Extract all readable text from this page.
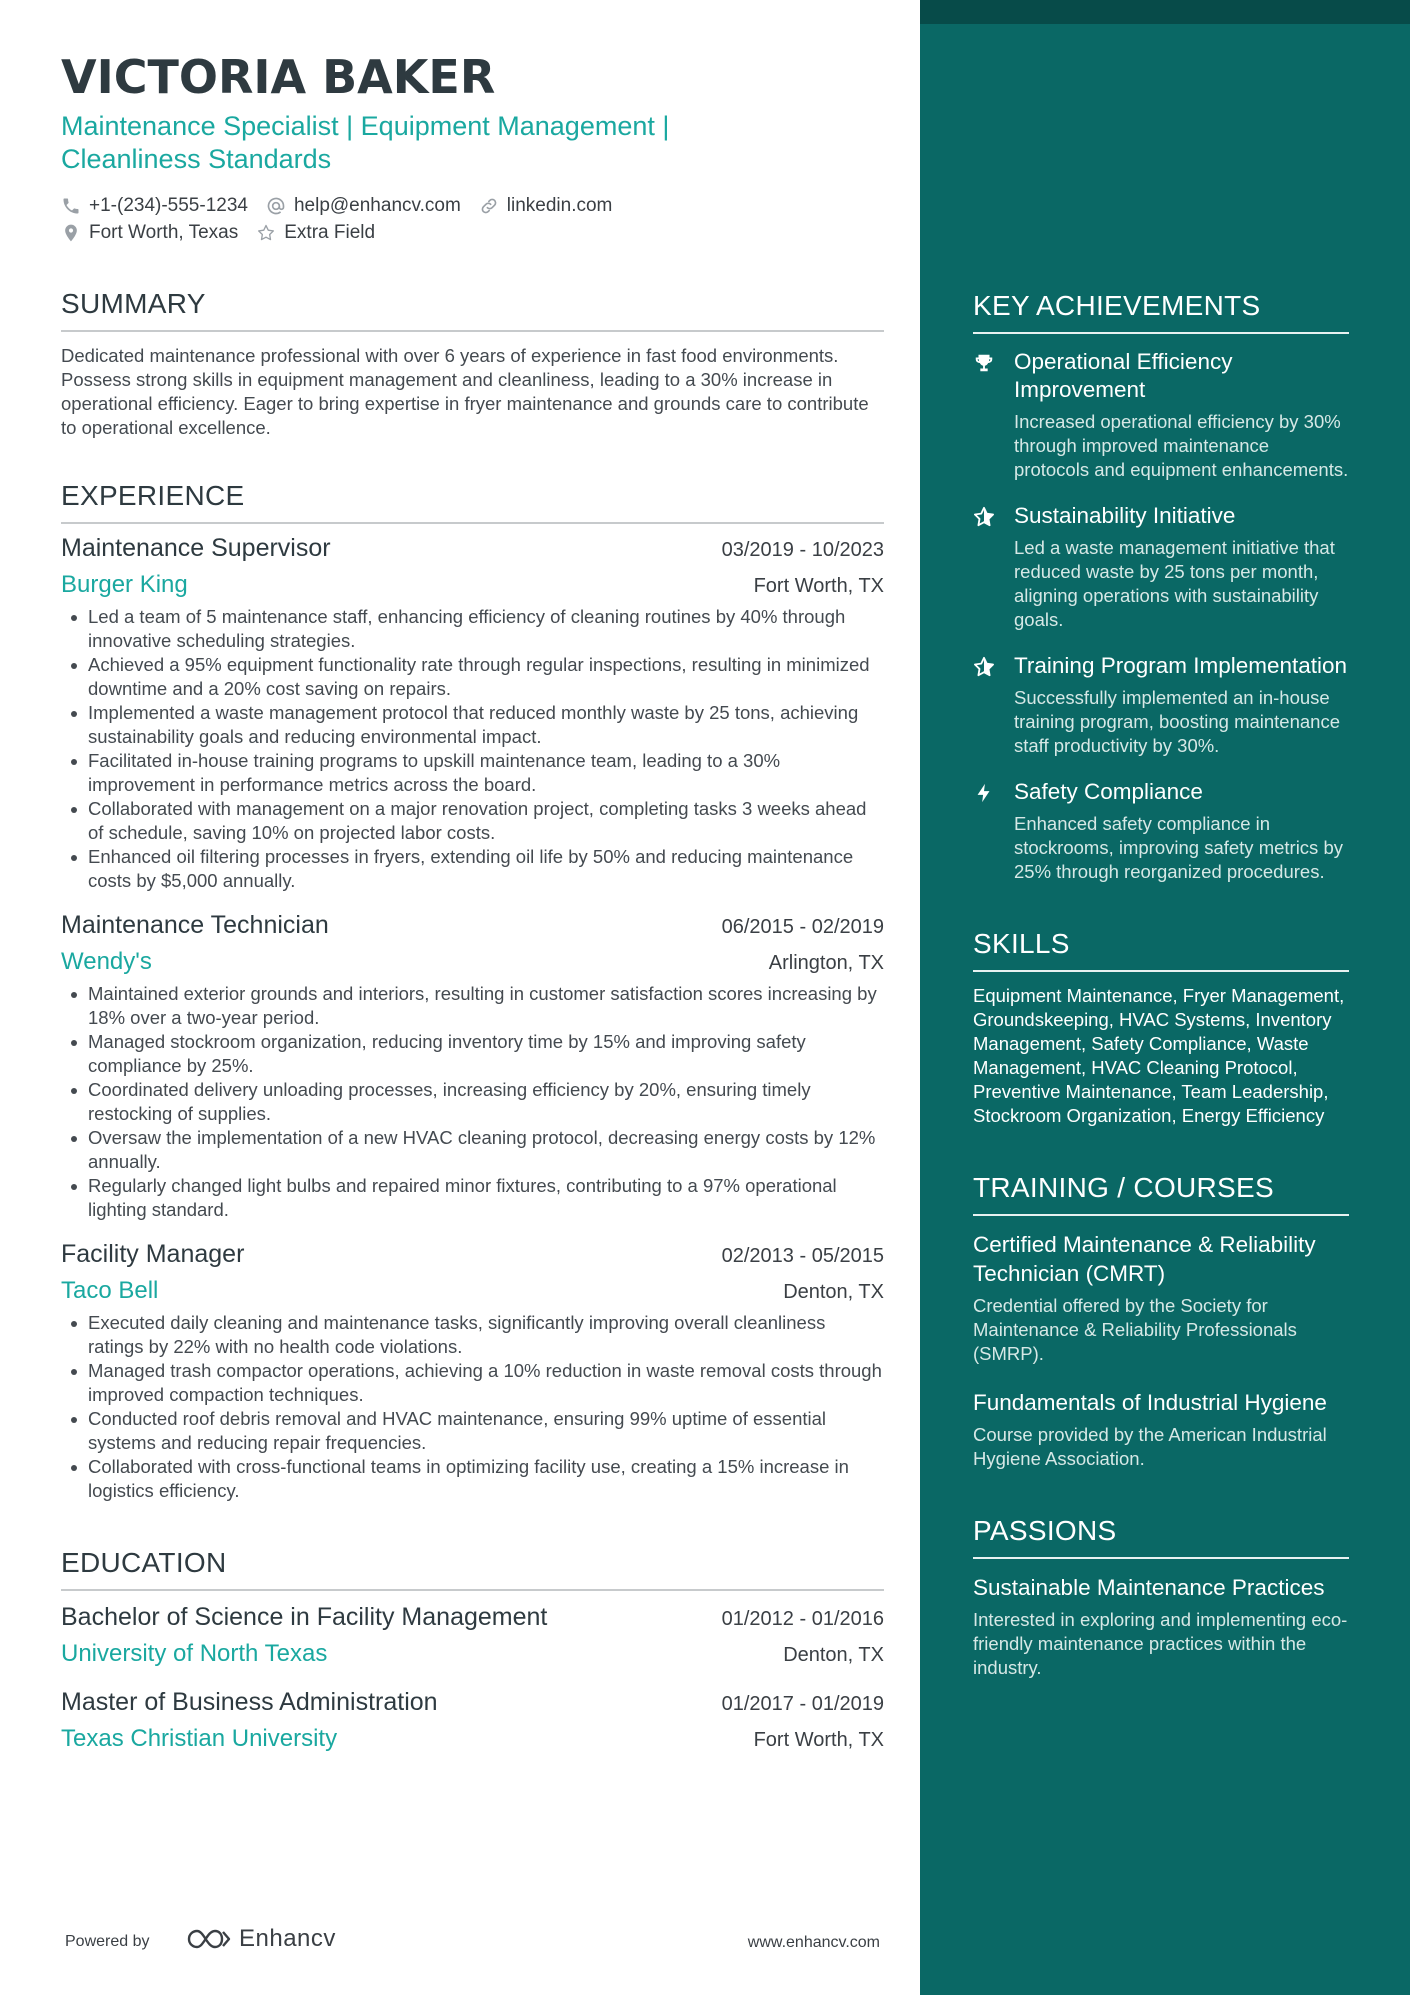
VICTORIA BAKER
Maintenance Specialist | Equipment Management | Cleanliness Standards
+1-(234)-555-1234 help@enhancv.com linkedin.com
Fort Worth, Texas Extra Field
SUMMARY
Dedicated maintenance professional with over 6 years of experience in fast food environments. Possess strong skills in equipment management and cleanliness, leading to a 30% increase in operational efficiency. Eager to bring expertise in fryer maintenance and grounds care to contribute to operational excellence.
EXPERIENCE
Maintenance Supervisor	03/2019 - 10/2023
Burger King	Fort Worth, TX
Led a team of 5 maintenance staff, enhancing efficiency of cleaning routines by 40% through innovative scheduling strategies.
Achieved a 95% equipment functionality rate through regular inspections, resulting in minimized downtime and a 20% cost saving on repairs.
Implemented a waste management protocol that reduced monthly waste by 25 tons, achieving sustainability goals and reducing environmental impact.
Facilitated in-house training programs to upskill maintenance team, leading to a 30% improvement in performance metrics across the board.
Collaborated with management on a major renovation project, completing tasks 3 weeks ahead of schedule, saving 10% on projected labor costs.
Enhanced oil filtering processes in fryers, extending oil life by 50% and reducing maintenance costs by $5,000 annually.
Maintenance Technician	06/2015 - 02/2019
Wendy's	Arlington, TX
Maintained exterior grounds and interiors, resulting in customer satisfaction scores increasing by 18% over a two-year period.
Managed stockroom organization, reducing inventory time by 15% and improving safety compliance by 25%.
Coordinated delivery unloading processes, increasing efficiency by 20%, ensuring timely restocking of supplies.
Oversaw the implementation of a new HVAC cleaning protocol, decreasing energy costs by 12% annually.
Regularly changed light bulbs and repaired minor fixtures, contributing to a 97% operational lighting standard.
Facility Manager	02/2013 - 05/2015
Taco Bell	Denton, TX
Executed daily cleaning and maintenance tasks, significantly improving overall cleanliness ratings by 22% with no health code violations.
Managed trash compactor operations, achieving a 10% reduction in waste removal costs through improved compaction techniques.
Conducted roof debris removal and HVAC maintenance, ensuring 99% uptime of essential systems and reducing repair frequencies.
Collaborated with cross-functional teams in optimizing facility use, creating a 15% increase in logistics efficiency.
EDUCATION
Bachelor of Science in Facility Management	01/2012 - 01/2016
University of North Texas	Denton, TX
Master of Business Administration	01/2017 - 01/2019
Texas Christian University	Fort Worth, TX
Powered by	Enhancv	www.enhancv.com
KEY ACHIEVEMENTS
Operational Efficiency Improvement
Increased operational efficiency by 30% through improved maintenance protocols and equipment enhancements.
Sustainability Initiative
Led a waste management initiative that reduced waste by 25 tons per month, aligning operations with sustainability goals.
Training Program Implementation
Successfully implemented an in-house training program, boosting maintenance staff productivity by 30%.
Safety Compliance
Enhanced safety compliance in stockrooms, improving safety metrics by 25% through reorganized procedures.
SKILLS
Equipment Maintenance, Fryer Management, Groundskeeping, HVAC Systems, Inventory Management, Safety Compliance, Waste Management, HVAC Cleaning Protocol, Preventive Maintenance, Team Leadership, Stockroom Organization, Energy Efficiency
TRAINING / COURSES
Certified Maintenance & Reliability Technician (CMRT)
Credential offered by the Society for Maintenance & Reliability Professionals (SMRP).
Fundamentals of Industrial Hygiene
Course provided by the American Industrial Hygiene Association.
PASSIONS
Sustainable Maintenance Practices
Interested in exploring and implementing eco-friendly maintenance practices within the industry.
